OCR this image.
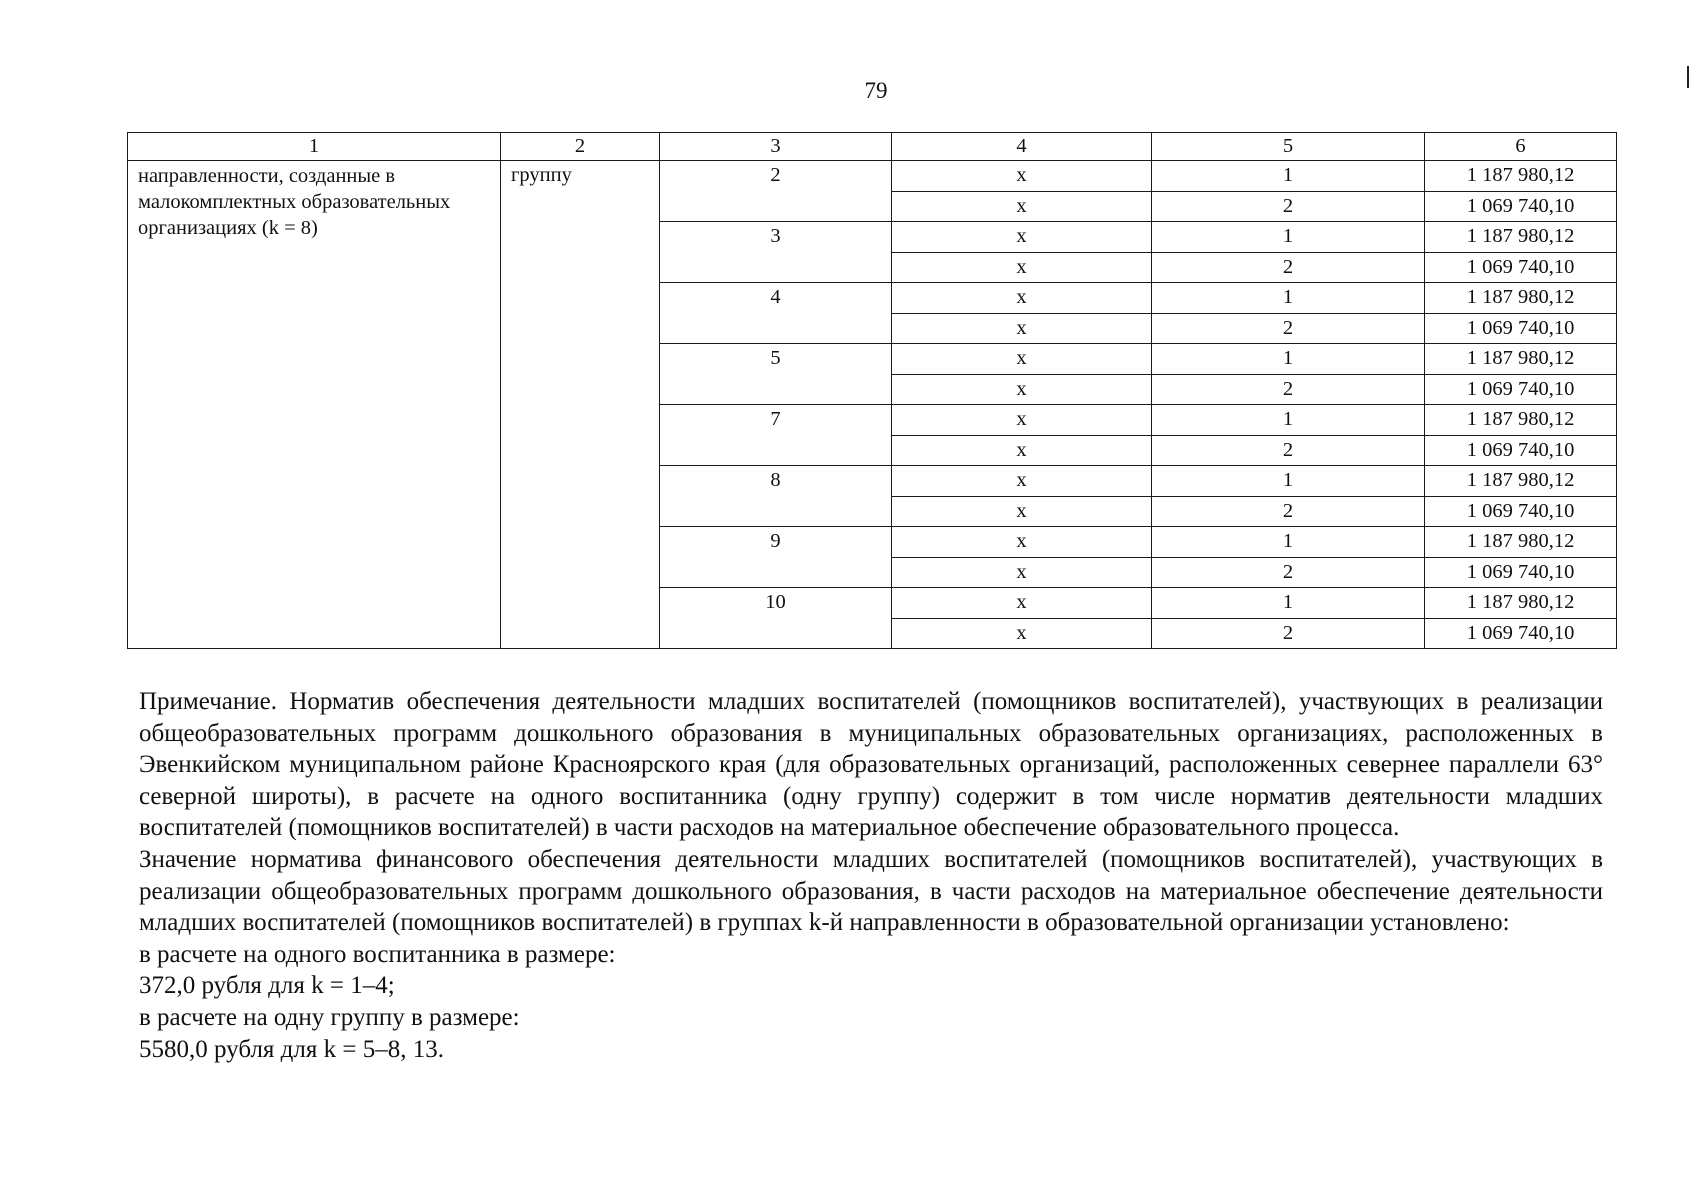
79
1	2	3	4	5	6
направленности, созданные в малокомплектных образовательных организациях (k = 8)	группу	2	x	1	1 187 980,12
			x	2	1 069 740,10
		3	x	1	1 187 980,12
			x	2	1 069 740,10
		4	x	1	1 187 980,12
			x	2	1 069 740,10
		5	x	1	1 187 980,12
			x	2	1 069 740,10
		7	x	1	1 187 980,12
			x	2	1 069 740,10
		8	x	1	1 187 980,12
			x	2	1 069 740,10
		9	x	1	1 187 980,12
			x	2	1 069 740,10
		10	x	1	1 187 980,12
			x	2	1 069 740,10

Примечание. Норматив обеспечения деятельности младших воспитателей (помощников воспитателей), участвующих в реализации общеобразовательных программ дошкольного образования в муниципальных образовательных организациях, расположенных в Эвенкийском муниципальном районе Красноярского края (для образовательных организаций, расположенных севернее параллели 63° северной широты), в расчете на одного воспитанника (одну группу) содержит в том числе норматив деятельности младших воспитателей (помощников воспитателей) в части расходов на материальное обеспечение образовательного процесса.

Значение норматива финансового обеспечения деятельности младших воспитателей (помощников воспитателей), участвующих в реализации общеобразовательных программ дошкольного образования, в части расходов на материальное обеспечение деятельности младших воспитателей (помощников воспитателей) в группах k-й направленности в образовательной организации установлено:

в расчете на одного воспитанника в размере:

372,0 рубля для k = 1–4;

в расчете на одну группу в размере:

5580,0 рубля для k = 5–8, 13.
